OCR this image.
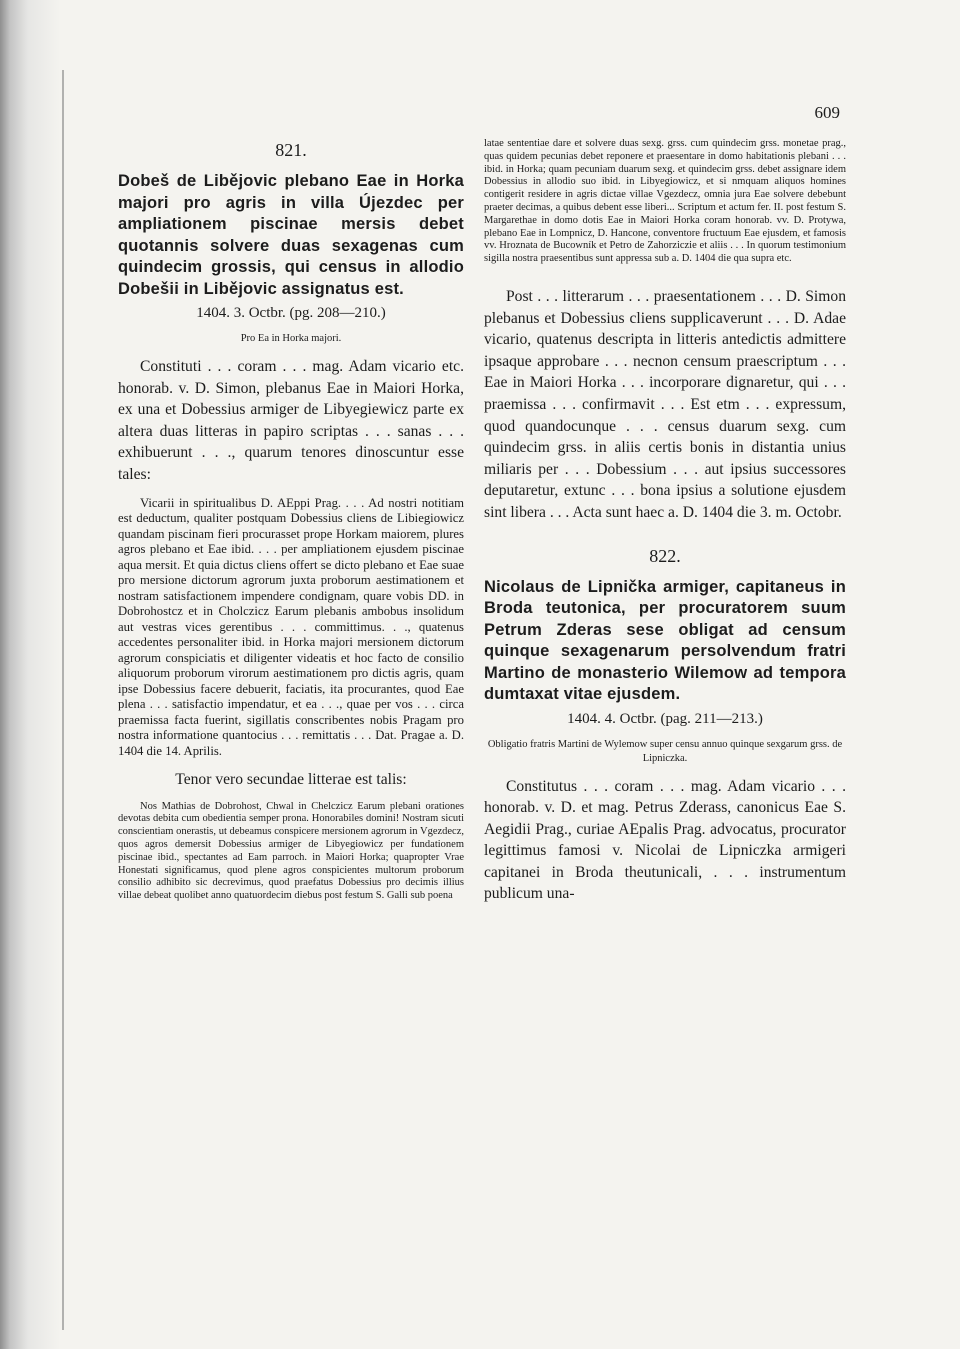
609
821.
Dobeš de Libějovic plebano Eae in Horka majori pro agris in villa Újezdec per ampliationem piscinae mersis debet quotannis solvere duas sexagenas cum quindecim grossis, qui census in allodio Dobešii in Libějovic assignatus est.
1404. 3. Octbr. (pg. 208—210.)
Pro Ea in Horka majori.

Constituti . . . coram . . . mag. Adam vicario etc. honorab. v. D. Simon, plebanus Eae in Maiori Horka, ex una et Dobessius armiger de Libyegiewicz parte ex altera duas litteras in papiro scriptas . . . sanas . . . exhibuerunt . . ., quarum tenores dinoscuntur esse tales:

Vicarii in spiritualibus D. AEppi Prag. . . . Ad nostri notitiam est deductum, qualiter postquam Dobessius cliens de Libiegiowicz quandam piscinam fieri procurasset prope Horkam maiorem, plures agros plebano et Eae ibid. . . . per ampliationem ejusdem piscinae aqua mersit. Et quia dictus cliens offert se dicto plebano et Eae suae pro mersione dictorum agrorum juxta proborum aestimationem et nostram satisfactionem impendere condignam, quare vobis DD. in Dobrohostcz et in Cholczicz Earum plebanis ambobus insolidum aut vestras vices gerentibus . . . committimus. . ., quatenus accedentes personaliter ibid. in Horka majori mersionem dictorum agrorum conspiciatis et diligenter videatis et hoc facto de consilio aliquorum proborum virorum aestimationem pro dictis agris, quam ipse Dobessius facere debuerit, faciatis, ita procurantes, quod Eae plena . . . satisfactio impendatur, et ea . . ., quae per vos . . . circa praemissa facta fuerint, sigillatis conscribentes nobis Pragam pro nostra informatione quantocius . . . remittatis . . . Dat. Pragae a. D. 1404 die 14. Aprilis.

Tenor vero secundae litterae est talis:

Nos Mathias de Dobrohost, Chwal in Chelczicz Earum plebani orationes devotas debita cum obedientia semper prona. Honorabiles domini! Nostram sicuti conscientiam onerastis, ut debeamus conspicere mersionem agrorum in Vgezdecz, quos agros demersit Dobessius armiger de Libyegiowicz per fundationem piscinae ibid., spectantes ad Eam parroch. in Maiori Horka; quapropter Vrae Honestati significamus, quod plene agros conspicientes multorum proborum consilio adhibito sic decrevimus, quod praefatus Dobessius pro decimis illius villae debeat quolibet anno quatuordecim diebus post festum S. Galli sub poena

latae sententiae dare et solvere duas sexg. grss. cum quindecim grss. monetae prag., quas quidem pecunias debet reponere et praesentare in domo habitationis plebani . . . ibid. in Horka; quam pecuniam duarum sexg. et quindecim grss. debet assignare idem Dobessius in allodio suo ibid. in Libyegiowicz, et si nmquam aliquos homines contigerit residere in agris dictae villae Vgezdecz, omnia jura Eae solvere debebunt praeter decimas, a quibus debent esse liberi... Scriptum et actum fer. II. post festum S. Margarethae in domo dotis Eae in Maiori Horka coram honorab. vv. D. Protywa, plebano Eae in Lompnicz, D. Hancone, conventore fructuum Eae ejusdem, et famosis vv. Hroznata de Bucowník et Petro de Zahorziczie et aliis . . . In quorum testimonium sigilla nostra praesentibus sunt appressa sub a. D. 1404 die qua supra etc.

Post . . . litterarum . . . praesentationem . . . D. Simon plebanus et Dobessius cliens supplicaverunt . . . D. Adae vicario, quatenus descripta in litteris antedictis admittere ipsaque approbare . . . necnon censum praescriptum . . . Eae in Maiori Horka . . . incorporare dignaretur, qui . . . praemissa . . . confirmavit . . . Est etm . . . expressum, quod quandocunque . . . census duarum sexg. cum quindecim grss. in aliis certis bonis in distantia unius miliaris per . . . Dobessium . . . aut ipsius successores deputaretur, extunc . . . bona ipsius a solutione ejusdem sint libera . . . Acta sunt haec a. D. 1404 die 3. m. Octobr.

822.
Nicolaus de Lipnička armiger, capitaneus in Broda teutonica, per procuratorem suum Petrum Zderas sese obligat ad censum quinque sexagenarum persolvendum fratri Martino de monasterio Wilemow ad tempora dumtaxat vitae ejusdem.
1404. 4. Octbr. (pag. 211—213.)
Obligatio fratris Martini de Wylemow super censu annuo quinque sexgarum grss. de Lipniczka.

Constitutus . . . coram . . . mag. Adam vicario . . . honorab. v. D. et mag. Petrus Zderass, canonicus Eae S. Aegidii Prag., curiae AEpalis Prag. advocatus, procurator legittimus famosi v. Nicolai de Lipniczka armigeri capitanei in Broda theutunicali, . . . instrumentum publicum una-
